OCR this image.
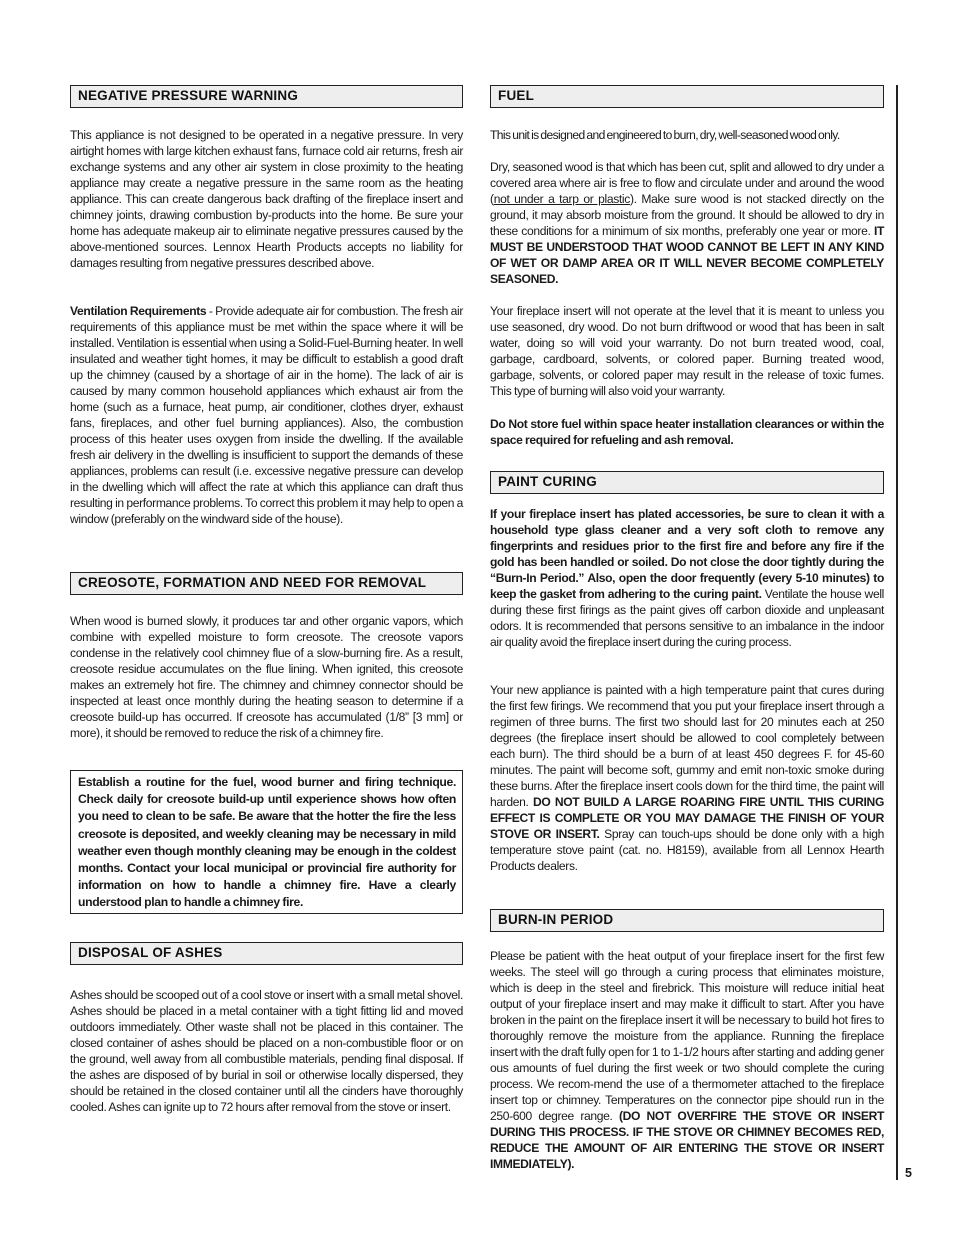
NEGATIVE PRESSURE WARNING

This appliance is not designed to be operated in a negative pressure. In very airtight homes with large kitchen exhaust fans, furnace cold air returns, fresh air exchange systems and any other air system in close proximity to the heating appliance may create a negative pressure in the same room as the heating appliance. This can create dangerous back drafting of the fireplace insert and chimney joints, drawing combustion by-products into the home. Be sure your home has adequate makeup air to eliminate negative pressures caused by the above-mentioned sources. Lennox Hearth Products accepts no liability for damages resulting from negative pressures described above.

Ventilation Requirements - Provide adequate air for combustion. The fresh air requirements of this appliance must be met within the space where it will be installed. Ventilation is essential when using a Solid-Fuel-Burning heater. In well insulated and weather tight homes, it may be difficult to establish a good draft up the chimney (caused by a shortage of air in the home). The lack of air is caused by many common household appliances which exhaust air from the home (such as a furnace, heat pump, air conditioner, clothes dryer, exhaust fans, fireplaces, and other fuel burning appliances). Also, the combustion process of this heater uses oxygen from inside the dwelling. If the available fresh air delivery in the dwelling is insufficient to support the demands of these appliances, problems can result (i.e. excessive negative pressure can develop in the dwelling which will affect the rate at which this appliance can draft thus resulting in performance problems. To correct this problem it may help to open a window (preferably on the windward side of the house).

CREOSOTE, FORMATION AND NEED FOR REMOVAL

When wood is burned slowly, it produces tar and other organic vapors, which combine with expelled moisture to form creosote. The creosote vapors condense in the relatively cool chimney flue of a slow-burning fire. As a result, creosote residue accumulates on the flue lining. When ignited, this creosote makes an extremely hot fire. The chimney and chimney connector should be inspected at least once monthly during the heating season to determine if a creosote build-up has occurred. If creosote has accumulated (1/8” [3 mm] or more), it should be removed to reduce the risk of a chimney fire.

Establish a routine for the fuel, wood burner and firing technique. Check daily for creosote build-up until experience shows how often you need to clean to be safe. Be aware that the hotter the fire the less creosote is deposited, and weekly cleaning may be necessary in mild weather even though monthly cleaning may be enough in the coldest months. Contact your local municipal or provincial fire authority for information on how to handle a chimney fire. Have a clearly understood plan to handle a chimney fire.
DISPOSAL OF ASHES

Ashes should be scooped out of a cool stove or insert with a small metal shovel. Ashes should be placed in a metal container with a tight fitting lid and moved outdoors immediately. Other waste shall not be placed in this container. The closed container of ashes should be placed on a non-combustible floor or on the ground, well away from all combustible materials, pending final disposal. If the ashes are disposed of by burial in soil or otherwise locally dispersed, they should be retained in the closed container until all the cinders have thoroughly cooled. Ashes can ignite up to 72 hours after removal from the stove or insert.

FUEL

This unit is designed and engineered to burn, dry, well-seasoned wood only.

Dry, seasoned wood is that which has been cut, split and allowed to dry under a covered area where air is free to flow and circulate under and around the wood (not under a tarp or plastic). Make sure wood is not stacked directly on the ground, it may absorb moisture from the ground. It should be allowed to dry in these conditions for a minimum of six months, preferably one year or more. IT MUST BE UNDERSTOOD THAT WOOD CANNOT BE LEFT IN ANY KIND OF WET OR DAMP AREA OR IT WILL NEVER BECOME COMPLETELY SEASONED.

Your fireplace insert will not operate at the level that it is meant to unless you use seasoned, dry wood. Do not burn driftwood or wood that has been in salt water, doing so will void your warranty. Do not burn treated wood, coal, garbage, cardboard, solvents, or colored paper. Burning treated wood, garbage, solvents, or colored paper may result in the release of toxic fumes. This type of burning will also void your warranty.

Do Not store fuel within space heater installation clearances or within the space required for refueling and ash removal.

PAINT CURING

If your fireplace insert has plated accessories, be sure to clean it with a household type glass cleaner and a very soft cloth to remove any fingerprints and residues prior to the first fire and before any fire if the gold has been handled or soiled. Do not close the door tightly during the “Burn-In Period.” Also, open the door frequently (every 5-10 minutes) to keep the gasket from adhering to the curing paint. Ventilate the house well during these first firings as the paint gives off carbon dioxide and unpleasant odors. It is recommended that persons sensitive to an imbalance in the indoor air quality avoid the fireplace insert during the curing process.

Your new appliance is painted with a high temperature paint that cures during the first few firings. We recommend that you put your fireplace insert through a regimen of three burns. The first two should last for 20 minutes each at 250 degrees (the fireplace insert should be allowed to cool completely between each burn). The third should be a burn of at least 450 degrees F. for 45-60 minutes. The paint will become soft, gummy and emit non-toxic smoke during these burns. After the fireplace insert cools down for the third time, the paint will harden. DO NOT BUILD A LARGE ROARING FIRE UNTIL THIS CURING EFFECT IS COMPLETE OR YOU MAY DAMAGE THE FINISH OF YOUR STOVE OR INSERT. Spray can touch-ups should be done only with a high temperature stove paint (cat. no. H8159), available from all Lennox Hearth Products dealers.

BURN-IN PERIOD

Please be patient with the heat output of your fireplace insert for the first few weeks. The steel will go through a curing process that eliminates moisture, which is deep in the steel and firebrick. This moisture will reduce initial heat output of your fireplace insert and may make it difficult to start. After you have broken in the paint on the fireplace insert it will be necessary to build hot fires to thoroughly remove the moisture from the appliance. Running the fireplace insert with the draft fully open for 1 to 1-1/2 hours after starting and adding gener ous amounts of fuel during the first week or two should complete the curing process. We recom-mend the use of a thermometer attached to the fireplace insert top or chimney. Temperatures on the connector pipe should run in the 250-600 degree range. (DO NOT OVERFIRE THE STOVE OR INSERT DURING THIS PROCESS. IF THE STOVE OR CHIMNEY BECOMES RED, REDUCE THE AMOUNT OF AIR ENTERING THE STOVE OR INSERT IMMEDIATELY).

5
